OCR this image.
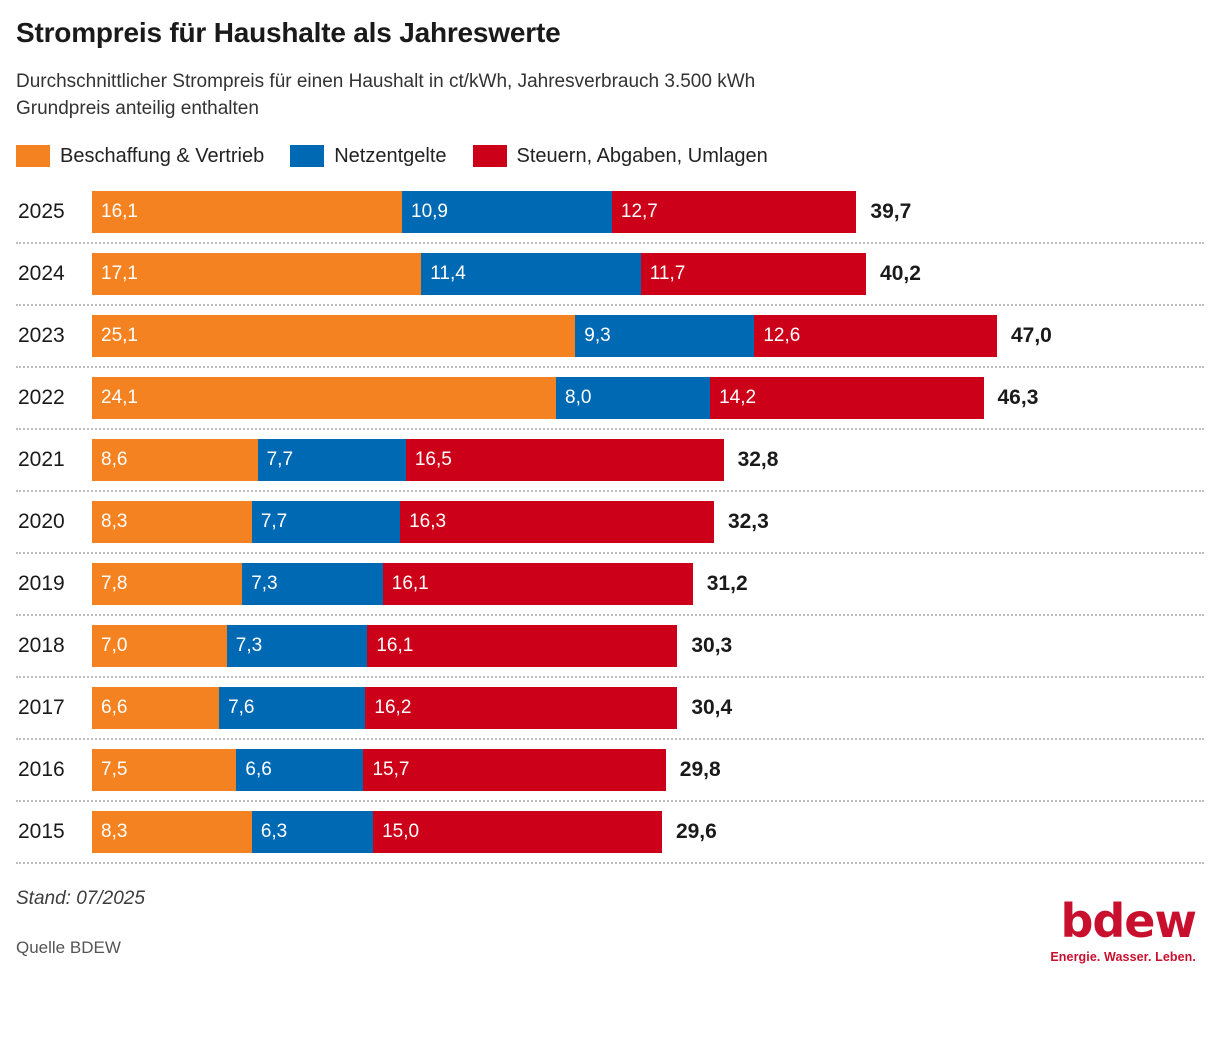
Strompreis für Haushalte als Jahreswerte
Durchschnittlicher Strompreis für einen Haushalt in ct/kWh, Jahresverbrauch 3.500 kWh
Grundpreis anteilig enthalten
Beschaffung & Vertrieb	Netzentgelte	Steuern, Abgaben, Umlagen
2025	16,1	10,9	12,7	39,7
2024	17,1	11,4	11,7	40,2
2023	25,1	9,3	12,6	47,0
2022	24,1	8,0	14,2	46,3
2021	8,6	7,7	16,5	32,8
2020	8,3	7,7	16,3	32,3
2019	7,8	7,3	16,1	31,2
2018	7,0	7,3	16,1	30,3
2017	6,6	7,6	16,2	30,4
2016	7,5	6,6	15,7	29,8
2015	8,3	6,3	15,0	29,6
Stand: 07/2025
Quelle BDEW	bdew
Energie. Wasser. Leben.
